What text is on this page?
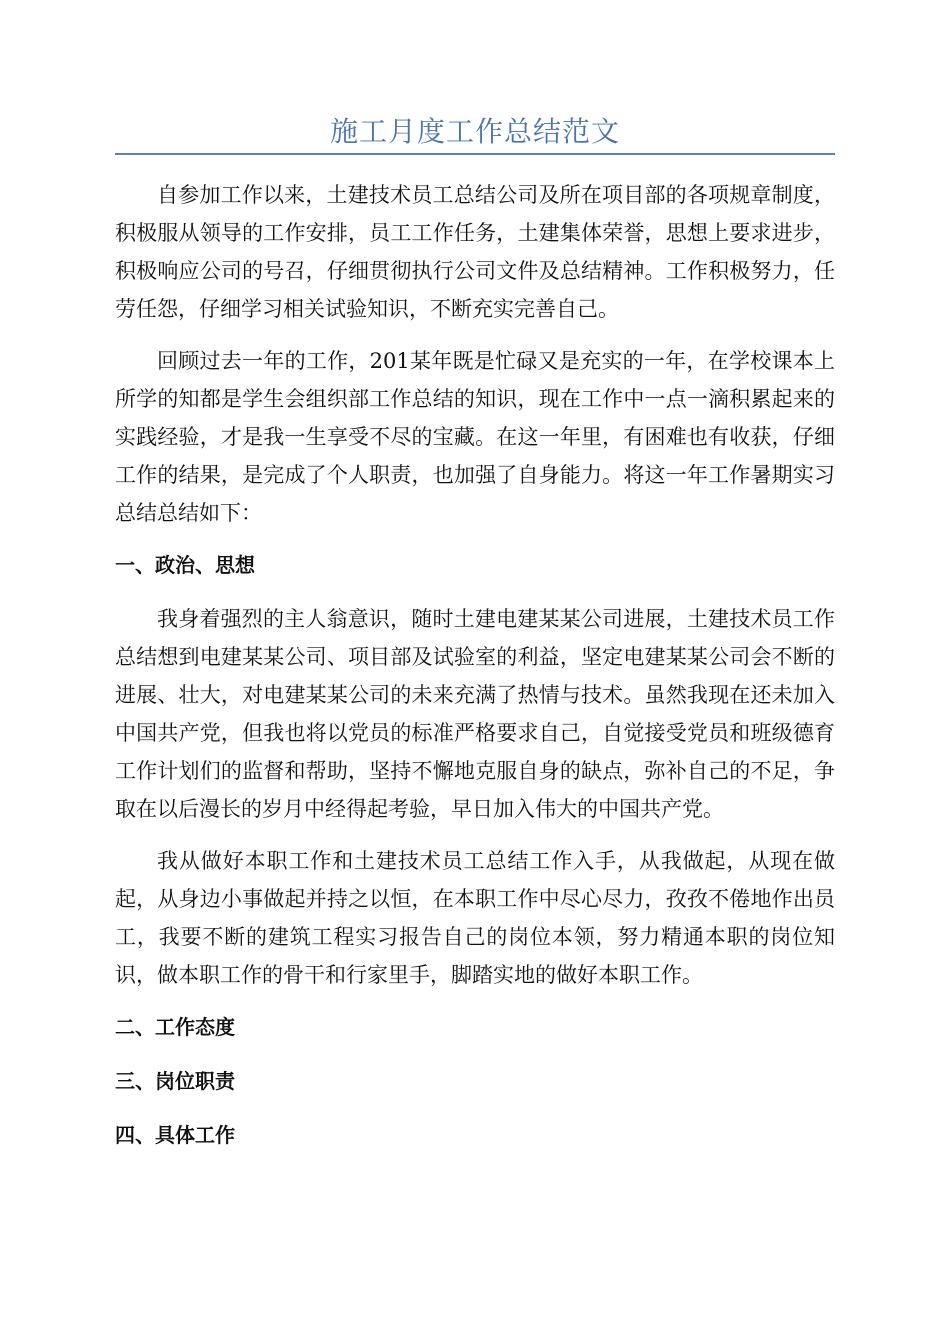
施工月度工作总结范文

自参加工作以来，土建技术员工总结公司及所在项目部的各项规章制度，积极服从领导的工作安排，员工工作任务，土建集体荣誉，思想上要求进步，积极响应公司的号召，仔细贯彻执行公司文件及总结精神。工作积极努力，任劳任怨，仔细学习相关试验知识，不断充实完善自己。

回顾过去一年的工作，201某年既是忙碌又是充实的一年，在学校课本上所学的知都是学生会组织部工作总结的知识，现在工作中一点一滴积累起来的实践经验，才是我一生享受不尽的宝藏。在这一年里，有困难也有收获，仔细工作的结果，是完成了个人职责，也加强了自身能力。将这一年工作暑期实习总结总结如下：

一、政治、思想

我身着强烈的主人翁意识，随时土建电建某某公司进展，土建技术员工作总结想到电建某某公司、项目部及试验室的利益，坚定电建某某公司会不断的进展、壮大，对电建某某公司的未来充满了热情与技术。虽然我现在还未加入中国共产党，但我也将以党员的标准严格要求自己，自觉接受党员和班级德育工作计划们的监督和帮助，坚持不懈地克服自身的缺点，弥补自己的不足，争取在以后漫长的岁月中经得起考验，早日加入伟大的中国共产党。

我从做好本职工作和土建技术员工总结工作入手，从我做起，从现在做起，从身边小事做起并持之以恒，在本职工作中尽心尽力，孜孜不倦地作出员工，我要不断的建筑工程实习报告自己的岗位本领，努力精通本职的岗位知识，做本职工作的骨干和行家里手，脚踏实地的做好本职工作。

二、工作态度
三、岗位职责
四、具体工作
